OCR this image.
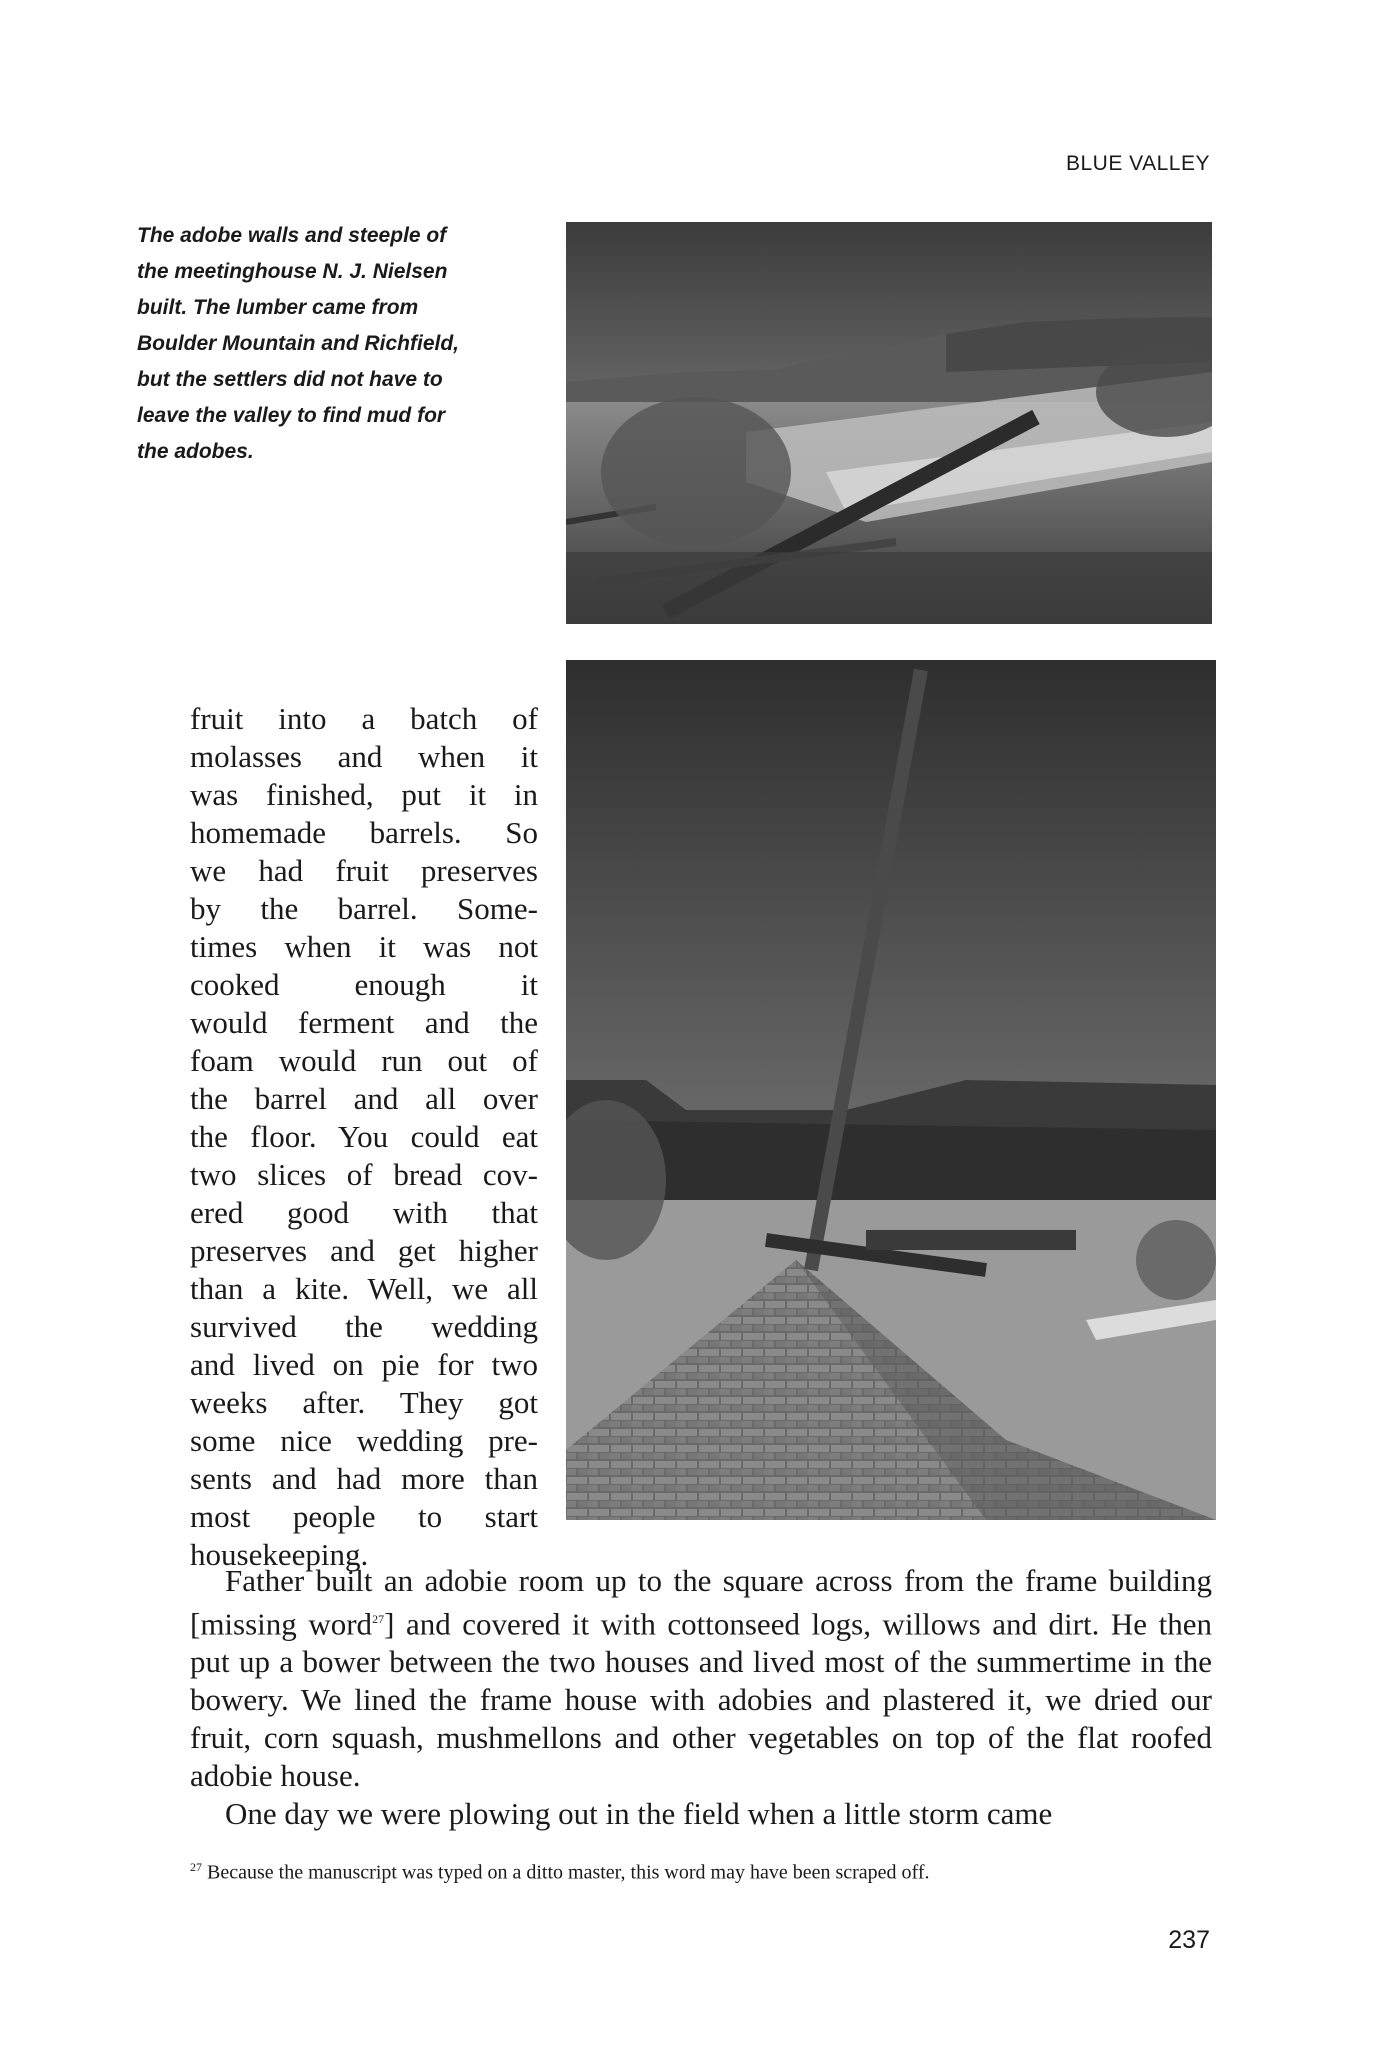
BLUE VALLEY
The adobe walls and steeple of
the meetinghouse N. J. Nielsen
built. The lumber came from
Boulder Mountain and Richfield,
but the settlers did not have to
leave the valley to find mud for
the adobes.
fruit into a batch of
molasses and when it
was finished, put it in
homemade barrels. So
we had fruit preserves
by the barrel. Some-
times when it was not
cooked enough it
would ferment and the
foam would run out of
the barrel and all over
the floor. You could eat
two slices of bread cov-
ered good with that
preserves and get higher
than a kite. Well, we all
survived the wedding
and lived on pie for two
weeks after. They got
some nice wedding pre-
sents and had more than
most people to start
housekeeping.

Father built an adobie room up to the square across from the frame building [missing word$^{27}$] and covered it with cottonseed logs, willows and dirt. He then put up a bower between the two houses and lived most of the summertime in the bowery. We lined the frame house with adobies and plastered it, we dried our fruit, corn squash, mushmellons and other vegetables on top of the flat roofed adobie house.

One day we were plowing out in the field when a little storm came

$^{27}$ Because the manuscript was typed on a ditto master, this word may have been scraped off.
237
